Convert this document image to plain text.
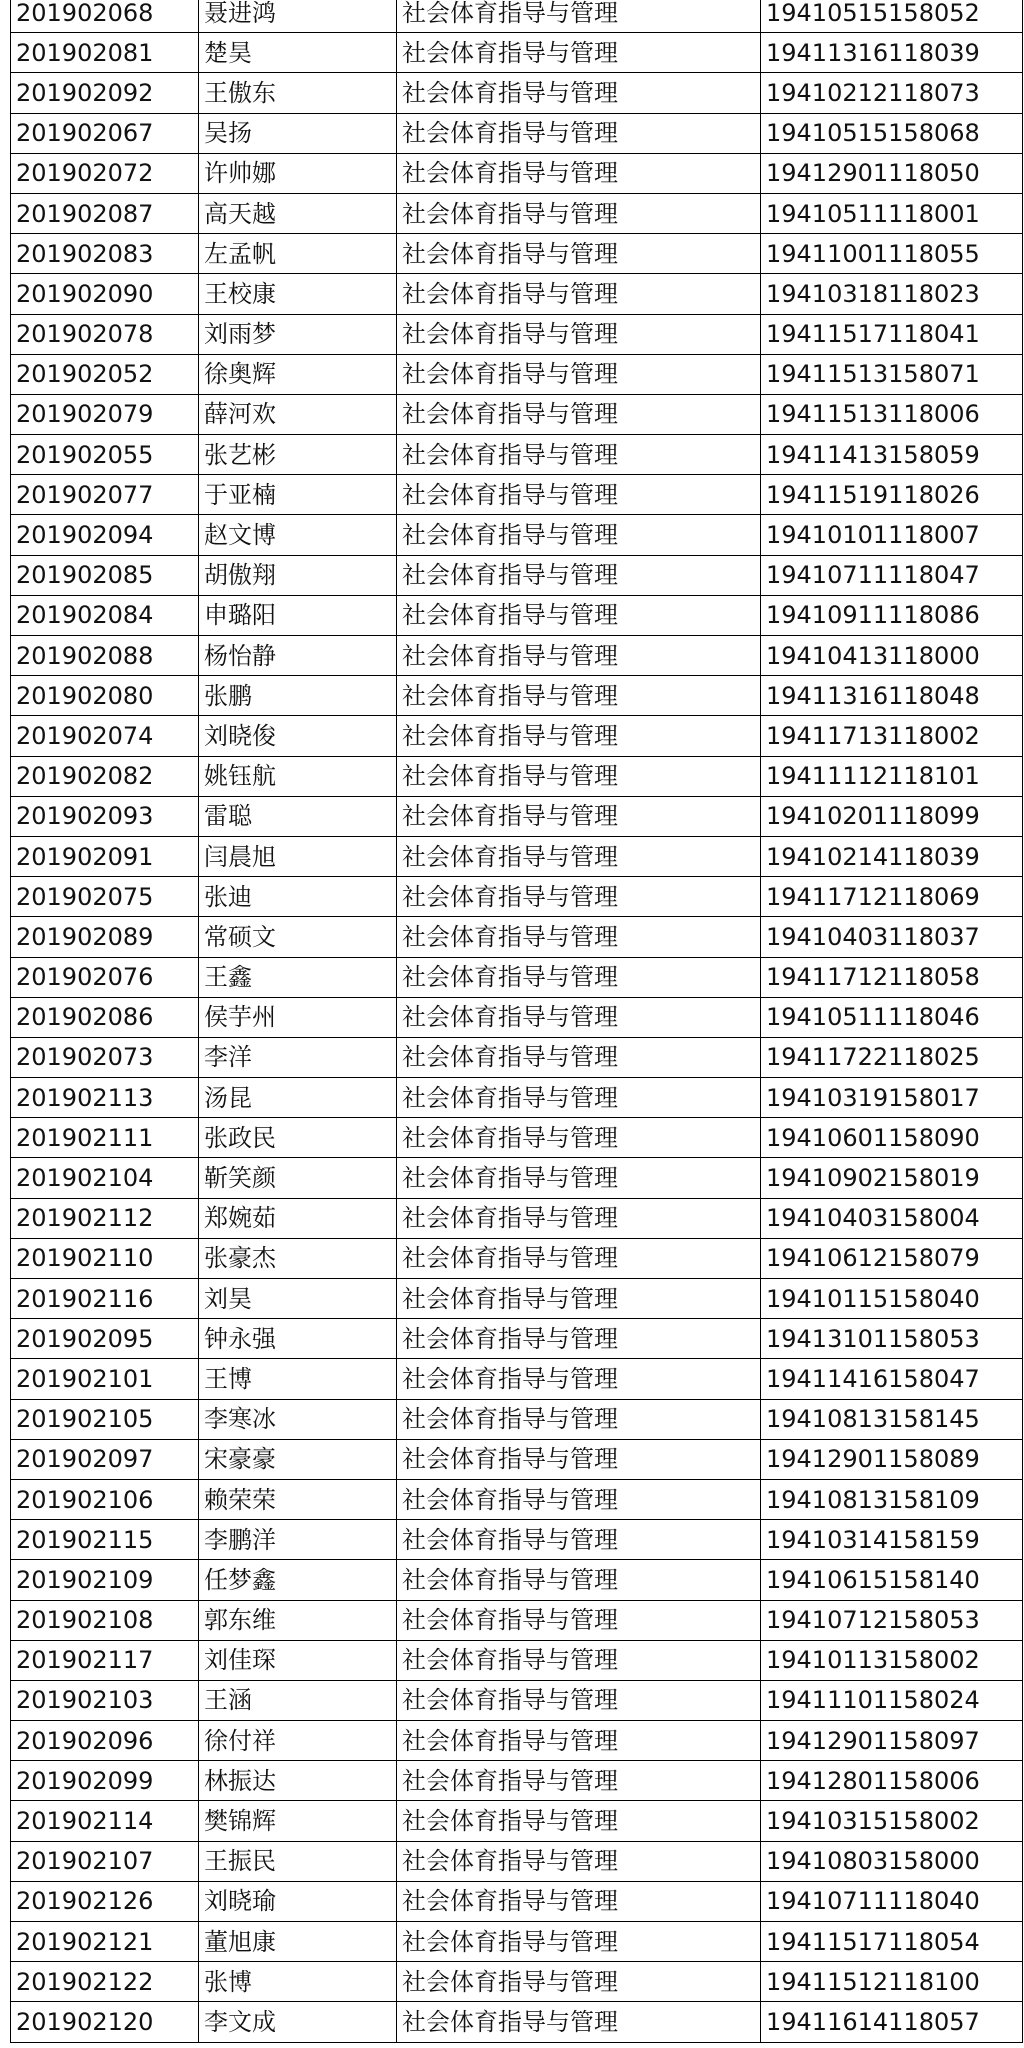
201902068	聂进鸿	社会体育指导与管理	19410515158052
201902081	楚昊	社会体育指导与管理	19411316118039
201902092	王傲东	社会体育指导与管理	19410212118073
201902067	吴扬	社会体育指导与管理	19410515158068
201902072	许帅娜	社会体育指导与管理	19412901118050
201902087	高天越	社会体育指导与管理	19410511118001
201902083	左孟帆	社会体育指导与管理	19411001118055
201902090	王校康	社会体育指导与管理	19410318118023
201902078	刘雨梦	社会体育指导与管理	19411517118041
201902052	徐奥辉	社会体育指导与管理	19411513158071
201902079	薛河欢	社会体育指导与管理	19411513118006
201902055	张艺彬	社会体育指导与管理	19411413158059
201902077	于亚楠	社会体育指导与管理	19411519118026
201902094	赵文博	社会体育指导与管理	19410101118007
201902085	胡傲翔	社会体育指导与管理	19410711118047
201902084	申璐阳	社会体育指导与管理	19410911118086
201902088	杨怡静	社会体育指导与管理	19410413118000
201902080	张鹏	社会体育指导与管理	19411316118048
201902074	刘晓俊	社会体育指导与管理	19411713118002
201902082	姚钰航	社会体育指导与管理	19411112118101
201902093	雷聪	社会体育指导与管理	19410201118099
201902091	闫晨旭	社会体育指导与管理	19410214118039
201902075	张迪	社会体育指导与管理	19411712118069
201902089	常硕文	社会体育指导与管理	19410403118037
201902076	王鑫	社会体育指导与管理	19411712118058
201902086	侯芋州	社会体育指导与管理	19410511118046
201902073	李洋	社会体育指导与管理	19411722118025
201902113	汤昆	社会体育指导与管理	19410319158017
201902111	张政民	社会体育指导与管理	19410601158090
201902104	靳笑颜	社会体育指导与管理	19410902158019
201902112	郑婉茹	社会体育指导与管理	19410403158004
201902110	张豪杰	社会体育指导与管理	19410612158079
201902116	刘昊	社会体育指导与管理	19410115158040
201902095	钟永强	社会体育指导与管理	19413101158053
201902101	王博	社会体育指导与管理	19411416158047
201902105	李寒冰	社会体育指导与管理	19410813158145
201902097	宋豪豪	社会体育指导与管理	19412901158089
201902106	赖荣荣	社会体育指导与管理	19410813158109
201902115	李鹏洋	社会体育指导与管理	19410314158159
201902109	任梦鑫	社会体育指导与管理	19410615158140
201902108	郭东维	社会体育指导与管理	19410712158053
201902117	刘佳琛	社会体育指导与管理	19410113158002
201902103	王涵	社会体育指导与管理	19411101158024
201902096	徐付祥	社会体育指导与管理	19412901158097
201902099	林振达	社会体育指导与管理	19412801158006
201902114	樊锦辉	社会体育指导与管理	19410315158002
201902107	王振民	社会体育指导与管理	19410803158000
201902126	刘晓瑜	社会体育指导与管理	19410711118040
201902121	董旭康	社会体育指导与管理	19411517118054
201902122	张博	社会体育指导与管理	19411512118100
201902120	李文成	社会体育指导与管理	19411614118057
